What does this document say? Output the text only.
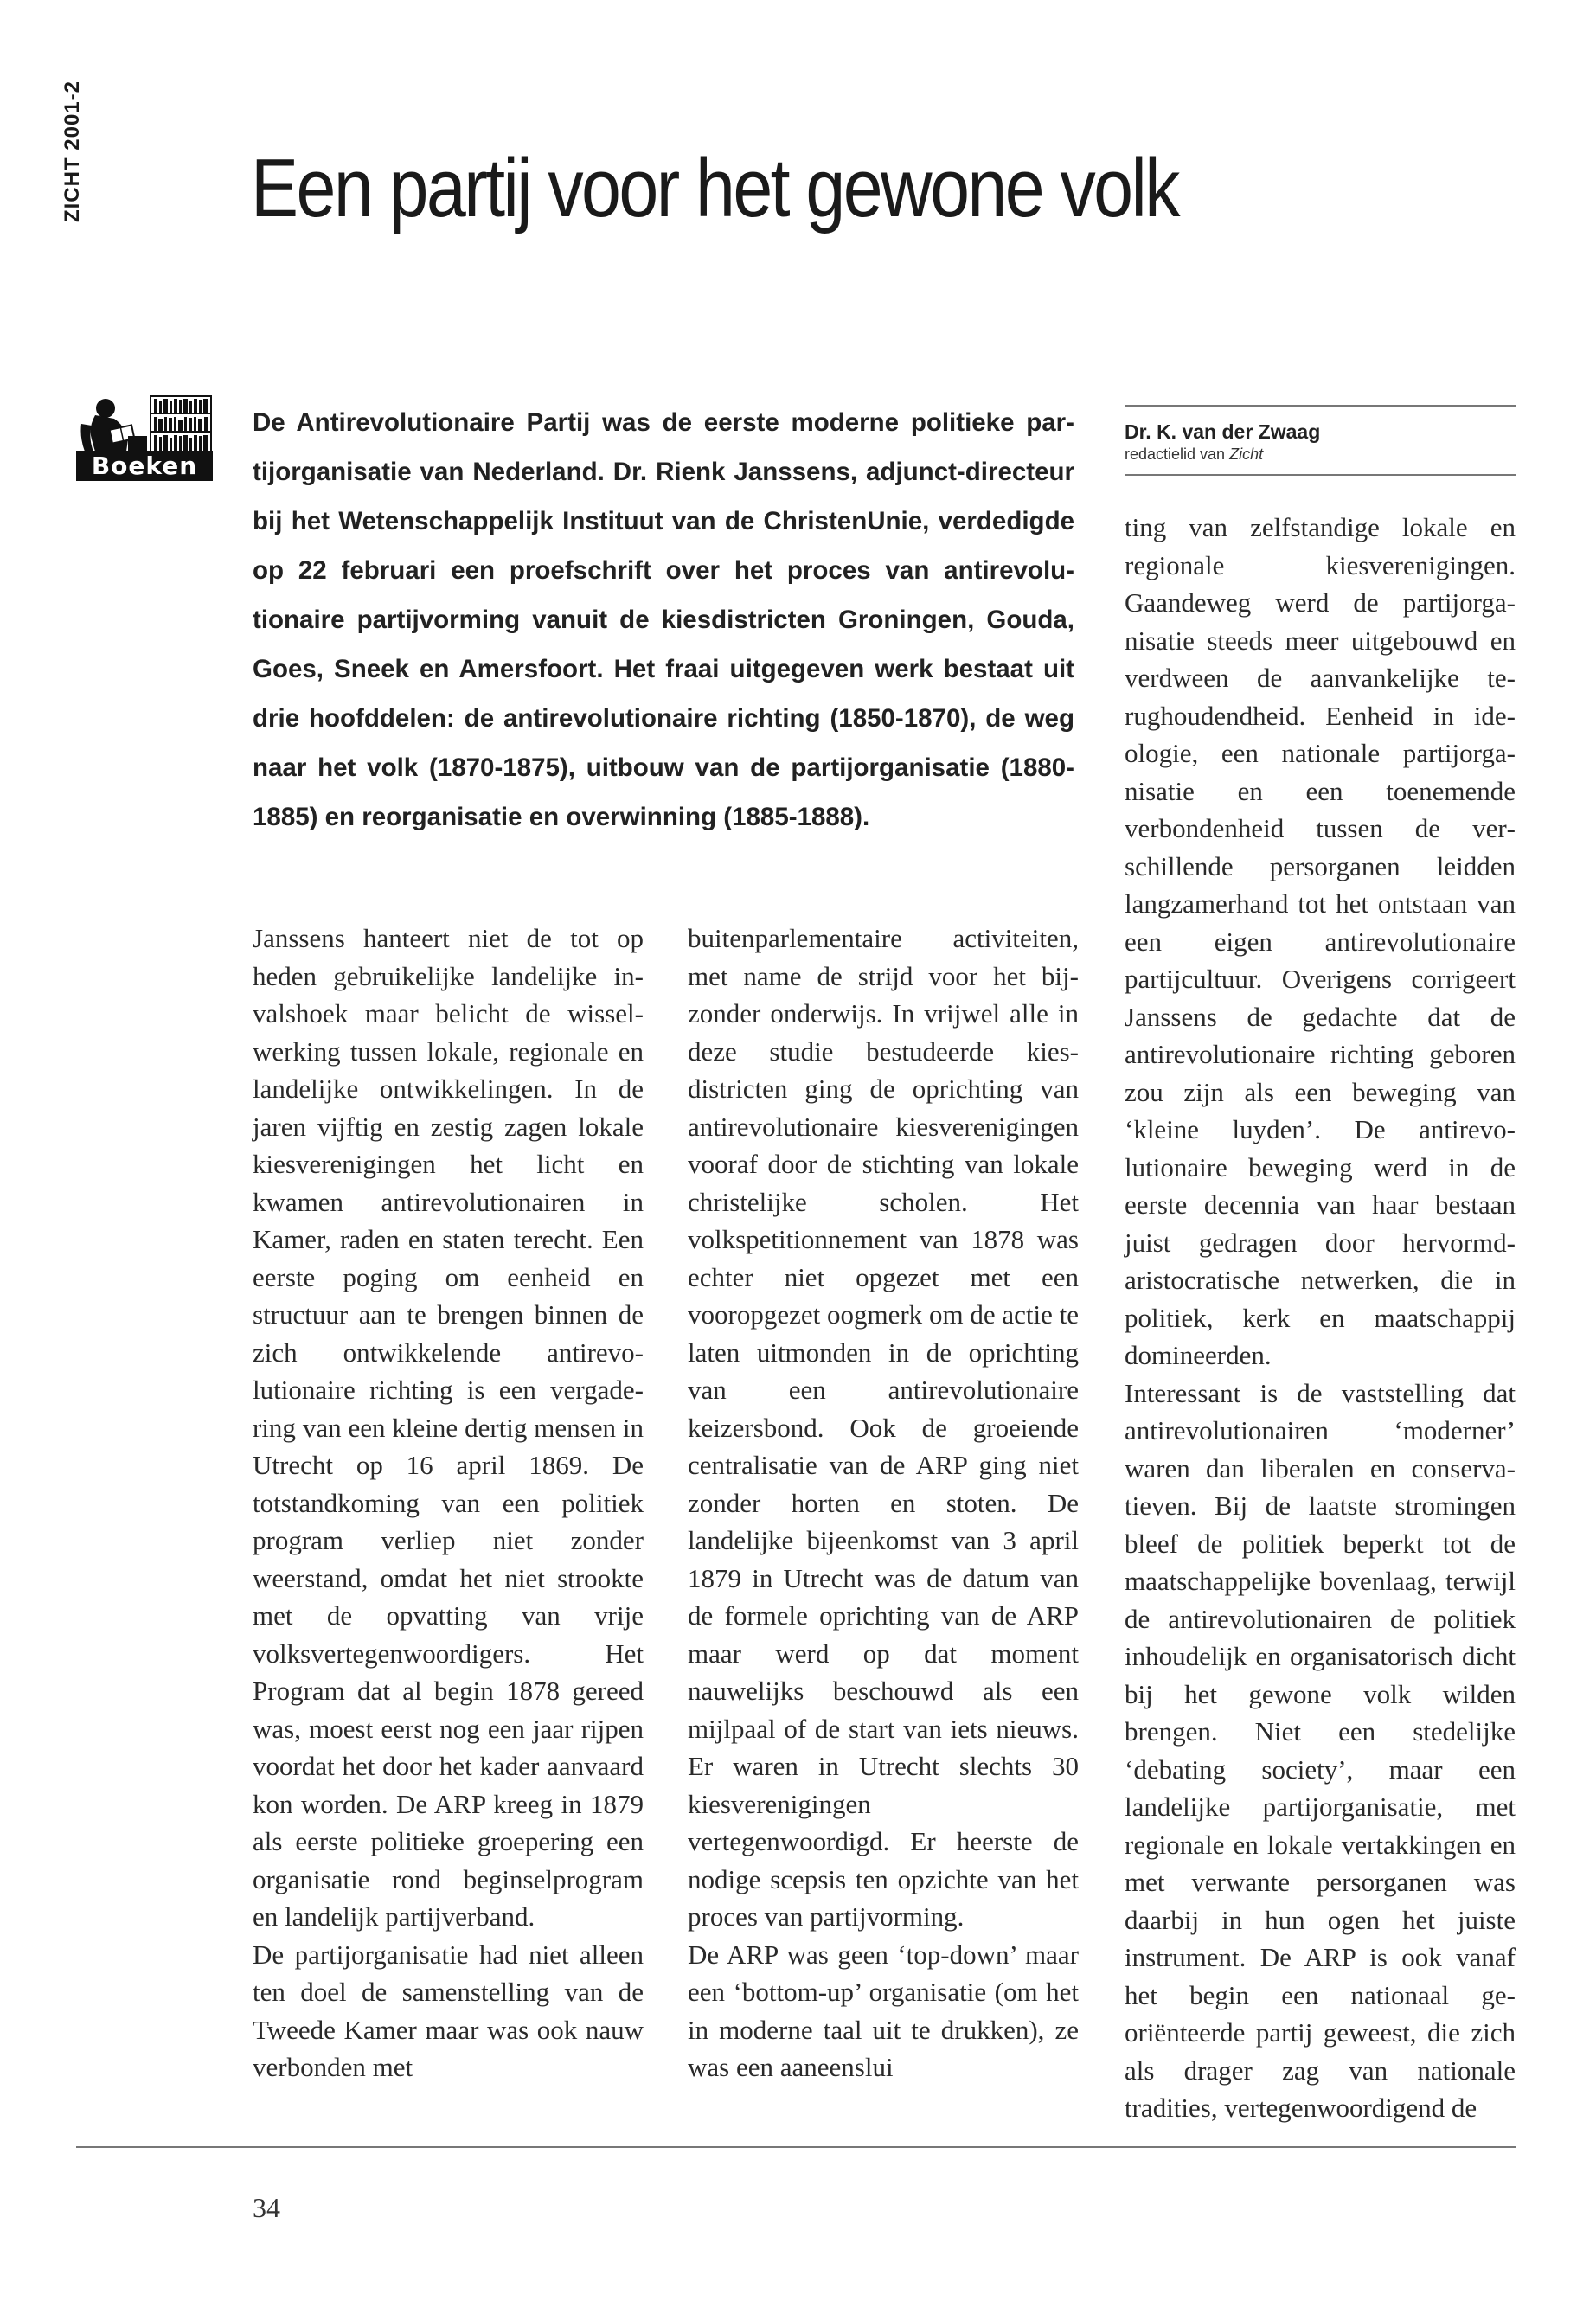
ZICHT 2001-2 Een partij voor het gewone volk
Boeken

De Antirevolutionaire Partij was de eerste moderne politieke partijorganisatie van Nederland. Dr. Rienk Janssens, adjunct-directeur bij het Wetenschappelijk Instituut van de ChristenUnie, verdedigde op 22 februari een proefschrift over het proces van antirevolutionaire partijvorming vanuit de kiesdistricten Groningen, Gouda, Goes, Sneek en Amersfoort. Het fraai uitgegeven werk bestaat uit drie hoofddelen: de antirevolutionaire richting (1850-1870), de weg naar het volk (1870-1875), uitbouw van de partijorganisatie (1880-1885) en reorganisatie en overwinning (1885-1888).

Dr. K. van der Zwaag

redactielid van Zicht

Janssens hanteert niet de tot op heden gebruikelijke landelijke invalshoek maar belicht de wisselwerking tussen lokale, regionale en landelijke ontwikkelingen. In de jaren vijftig en zestig zagen lokale kiesverenigingen het licht en kwamen antirevolutionairen in Kamer, raden en staten terecht. Een eerste poging om eenheid en structuur aan te brengen binnen de zich ontwikkelende antirevolutionaire richting is een vergadering van een kleine dertig mensen in Utrecht op 16 april 1869. De totstandkoming van een politiek program verliep niet zonder weerstand, omdat het niet strookte met de opvatting van vrije volksvertegenwoordigers. Het Program dat al begin 1878 gereed was, moest eerst nog een jaar rijpen voordat het door het kader aanvaard kon worden. De ARP kreeg in 1879 als eerste politieke groepering een organisatie rond beginselprogram en landelijk partijverband.

De partijorganisatie had niet alleen ten doel de samenstelling van de Tweede Kamer maar was ook nauw verbonden met

buitenparlementaire activiteiten, met name de strijd voor het bijzonder onderwijs. In vrijwel alle in deze studie bestudeerde kiesdistricten ging de oprichting van antirevolutionaire kiesverenigingen vooraf door de stichting van lokale christelijke scholen. Het volkspetitionnement van 1878 was echter niet opgezet met een vooropgezet oogmerk om de actie te laten uitmonden in de oprichting van een antirevolutionaire keizersbond. Ook de groeiende centralisatie van de ARP ging niet zonder horten en stoten. De landelijke bijeenkomst van 3 april 1879 in Utrecht was de datum van de formele oprichting van de ARP maar werd op dat moment nauwelijks beschouwd als een mijlpaal of de start van iets nieuws. Er waren in Utrecht slechts 30 kiesverenigingen vertegenwoordigd. Er heerste de nodige scepsis ten opzichte van het proces van partijvorming.

De ARP was geen ‘top-down’ maar een ‘bottom-up’ organisatie (om het in moderne taal uit te drukken), ze was een aaneenslui

ting van zelfstandige lokale en regionale kiesverenigingen. Gaandeweg werd de partijorganisatie steeds meer uitgebouwd en verdween de aanvankelijke terughoudendheid. Eenheid in ideologie, een nationale partijorganisatie en een toenemende verbondenheid tussen de verschillende persorganen leidden langzamerhand tot het ontstaan van een eigen antirevolutionaire partijcultuur. Overigens corrigeert Janssens de gedachte dat de antirevolutionaire richting geboren zou zijn als een beweging van ‘kleine luyden’. De antirevolutionaire beweging werd in de eerste decennia van haar bestaan juist gedragen door hervormd-aristocratische netwerken, die in politiek, kerk en maatschappij domineerden.

Interessant is de vaststelling dat antirevolutionairen ‘moderner’ waren dan liberalen en conservatieven. Bij de laatste stromingen bleef de politiek beperkt tot de maatschappelijke bovenlaag, terwijl de antirevolutionairen de politiek inhoudelijk en organisatorisch dicht bij het gewone volk wilden brengen. Niet een stedelijke ‘debating society’, maar een landelijke partijorganisatie, met regionale en lokale vertakkingen en met verwante persorganen was daarbij in hun ogen het juiste instrument. De ARP is ook vanaf het begin een nationaal georiënteerde partij geweest, die zich als drager zag van nationale tradities, vertegenwoordigend de

34
